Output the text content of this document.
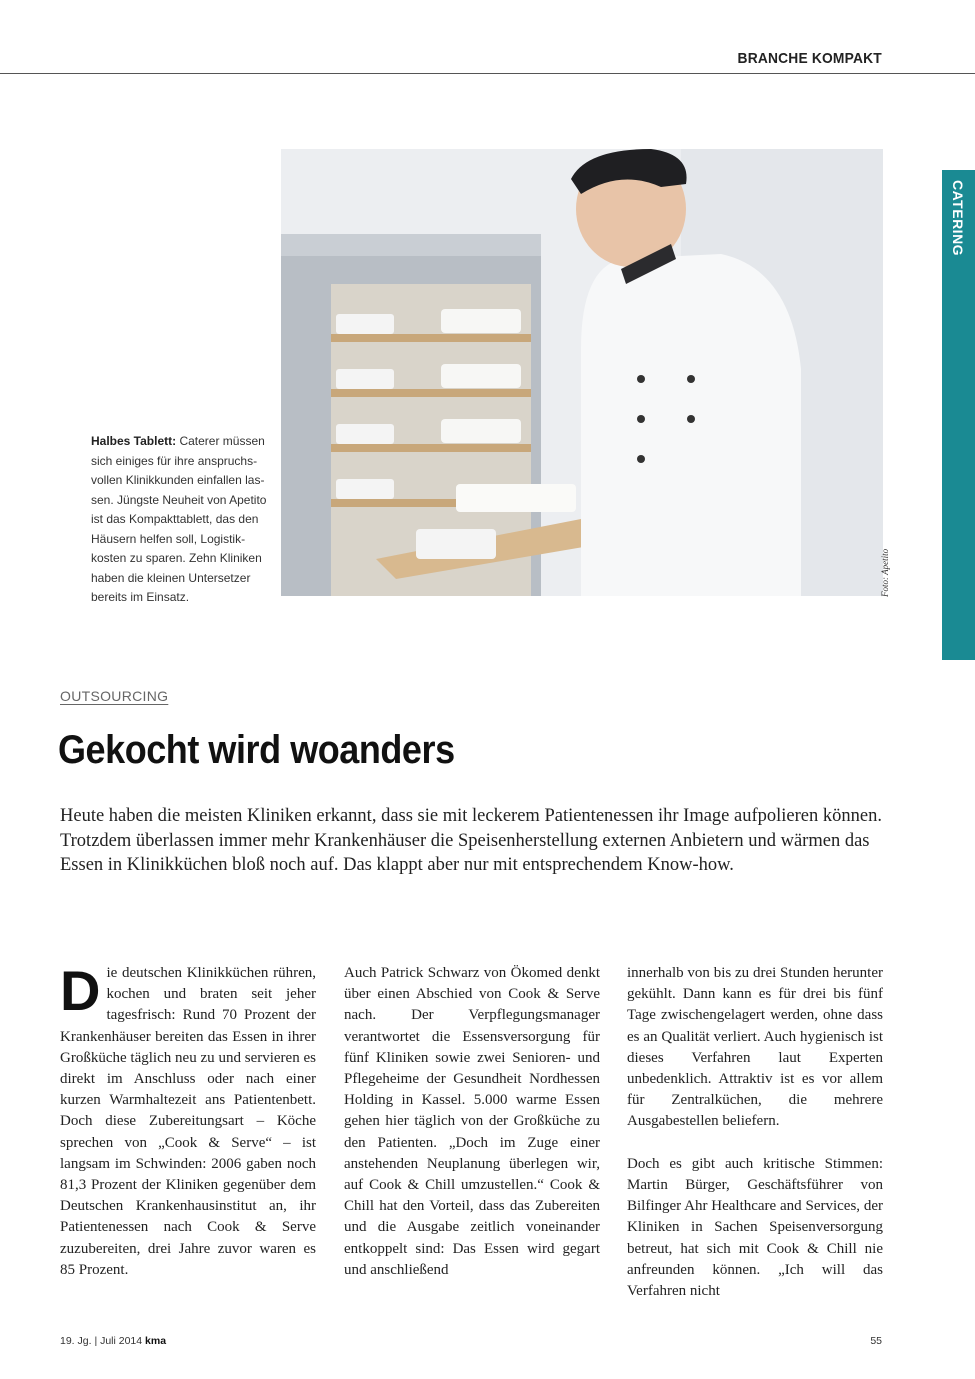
BRANCHE KOMPAKT
CATERING
Foto: Apetito
Halbes Tablett: Caterer müssen sich einiges für ihre anspruchs-vollen Klinikkunden einfallen las-sen. Jüngste Neuheit von Apetito ist das Kompakttablett, das den Häusern helfen soll, Logistik-kosten zu sparen. Zehn Kliniken haben die kleinen Untersetzer bereits im Einsatz.
OUTSOURCING
Gekocht wird woanders

Heute haben die meisten Kliniken erkannt, dass sie mit leckerem Patientenessen ihr Image aufpolieren können. Trotzdem überlassen immer mehr Krankenhäuser die Speisenherstellung externen Anbietern und wärmen das Essen in Klinikküchen bloß noch auf. Das klappt aber nur mit entsprechendem Know-how.

Die deutschen Klinikküchen rühren, kochen und braten seit jeher tagesfrisch: Rund 70 Prozent der Krankenhäuser bereiten das Essen in ihrer Großküche täglich neu zu und servieren es direkt im Anschluss oder nach einer kurzen Warmhaltezeit ans Patientenbett. Doch diese Zubereitungsart – Köche sprechen von „Cook & Serve“ – ist langsam im Schwinden: 2006 gaben noch 81,3 Prozent der Kliniken gegenüber dem Deutschen Krankenhausinstitut an, ihr Patientenessen nach Cook & Serve zuzubereiten, drei Jahre zuvor waren es 85 Prozent.

Auch Patrick Schwarz von Ökomed denkt über einen Abschied von Cook & Serve nach. Der Verpflegungsmanager verantwortet die Essensversorgung für fünf Kliniken sowie zwei Senioren- und Pflegeheime der Gesundheit Nordhessen Holding in Kassel. 5.000 warme Essen gehen hier täglich von der Großküche zu den Patienten. „Doch im Zuge einer anstehenden Neuplanung überlegen wir, auf Cook & Chill umzustellen.“ Cook & Chill hat den Vorteil, dass das Zubereiten und die Ausgabe zeitlich voneinander entkoppelt sind: Das Essen wird gegart und anschließend

innerhalb von bis zu drei Stunden herunter gekühlt. Dann kann es für drei bis fünf Tage zwischengelagert werden, ohne dass es an Qualität verliert. Auch hygienisch ist dieses Verfahren laut Experten unbedenklich. Attraktiv ist es vor allem für Zentralküchen, die mehrere Ausgabestellen beliefern.

Doch es gibt auch kritische Stimmen: Martin Bürger, Geschäftsführer von Bilfinger Ahr Healthcare and Services, der Kliniken in Sachen Speisenversorgung betreut, hat sich mit Cook & Chill nie anfreunden können. „Ich will das Verfahren nicht

19. Jg. | Juli 2014 kma	55
